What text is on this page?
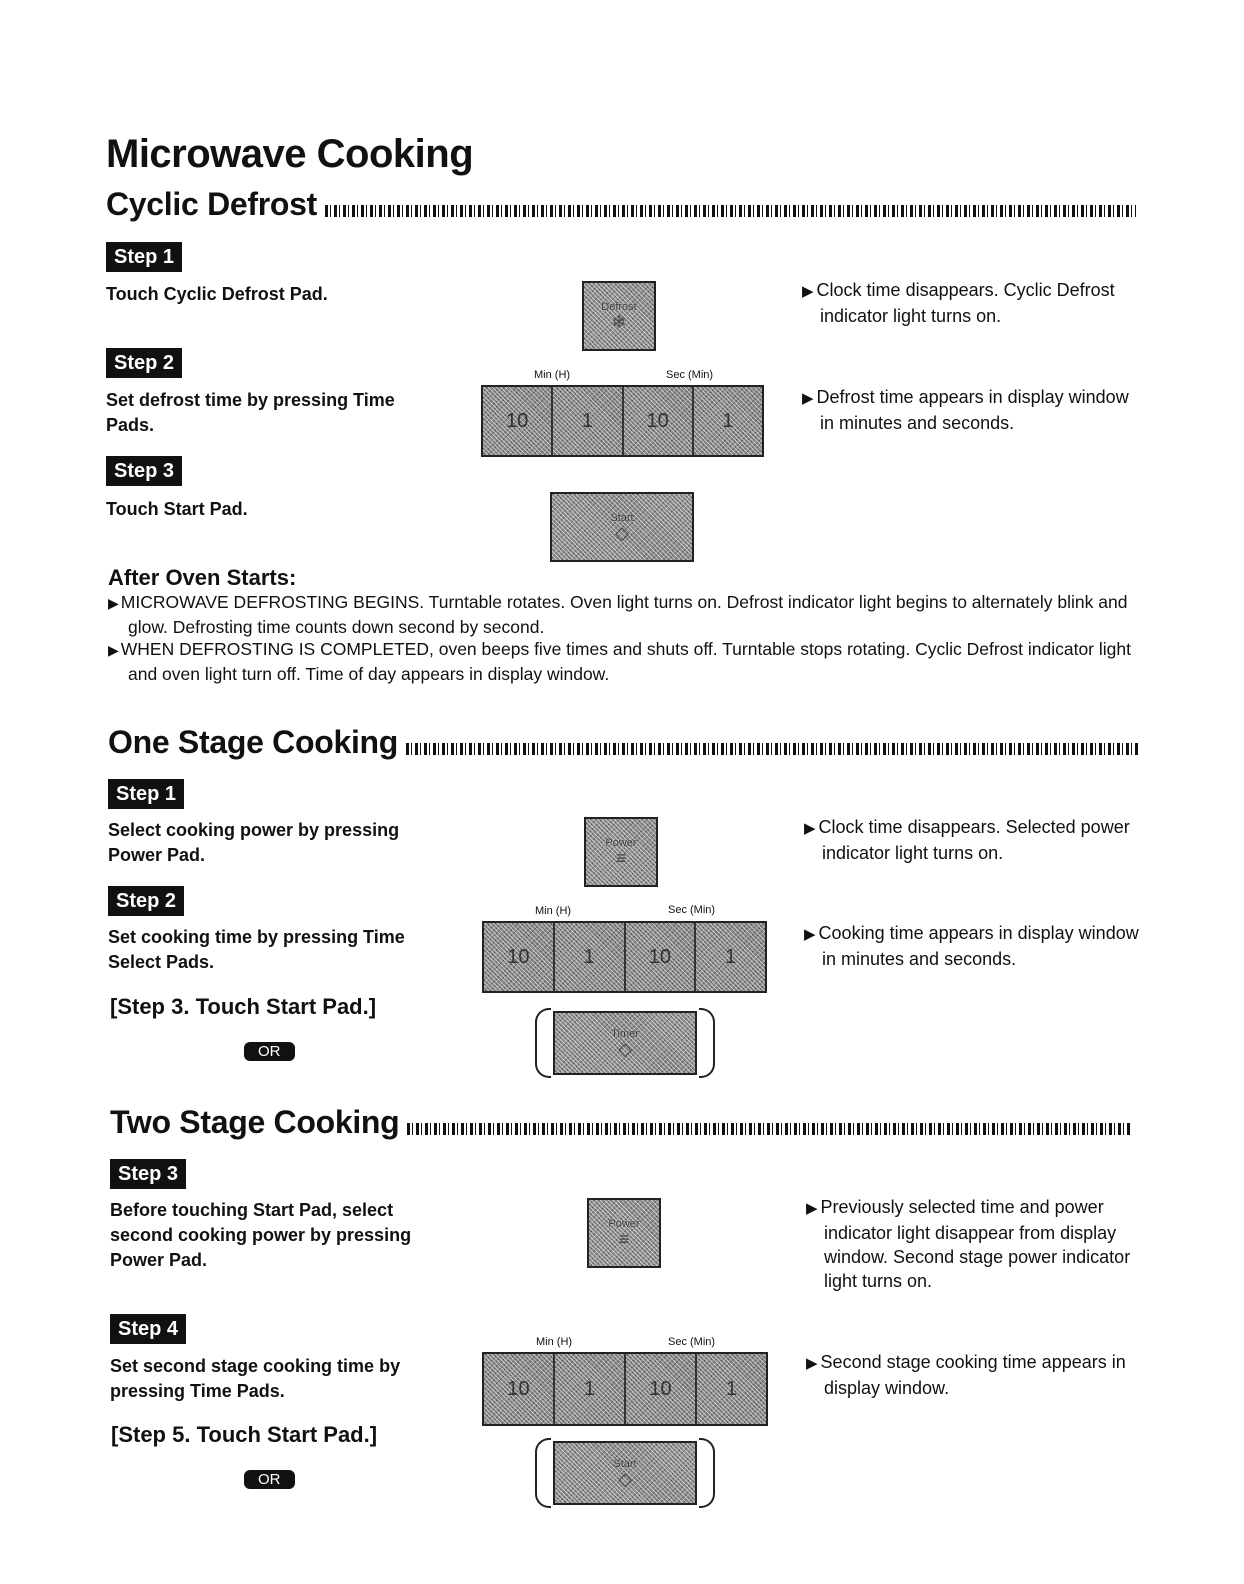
Microwave Cooking
Cyclic Defrost
Step 1
Touch Cyclic Defrost Pad.
Defrost
❄
▶ Clock time disappears. Cyclic Defrost indicator light turns on.
Step 2
Set defrost time by pressing Time Pads.
Min (H)	Sec (Min)
10	1	10	1
▶ Defrost time appears in display window in minutes and seconds.
Step 3
Touch Start Pad.	Start
◇
After Oven Starts:
▶ MICROWAVE DEFROSTING BEGINS. Turntable rotates. Oven light turns on. Defrost indicator light begins to alternately blink and glow. Defrosting time counts down second by second.
▶ WHEN DEFROSTING IS COMPLETED, oven beeps five times and shuts off. Turntable stops rotating. Cyclic Defrost indicator light and oven light turn off. Time of day appears in display window.
One Stage Cooking
Step 1
Select cooking power by pressing Power Pad.
Power
≡
▶ Clock time disappears. Selected power indicator light turns on.
Step 2
Set cooking time by pressing Time Select Pads.
Min (H)	Sec (Min)
10	1	10	1
▶ Cooking time appears in display window in minutes and seconds.
[Step 3. Touch Start Pad.]
OR
Timer
◇
Two Stage Cooking
Step 3
Before touching Start Pad, select second cooking power by pressing Power Pad.
Power
≡
▶ Previously selected time and power indicator light disappear from display window. Second stage power indicator light turns on.
Step 4
Set second stage cooking time by pressing Time Pads.
Min (H)	Sec (Min)
10	1	10	1
▶ Second stage cooking time appears in display window.
[Step 5. Touch Start Pad.]
OR
Start
◇
